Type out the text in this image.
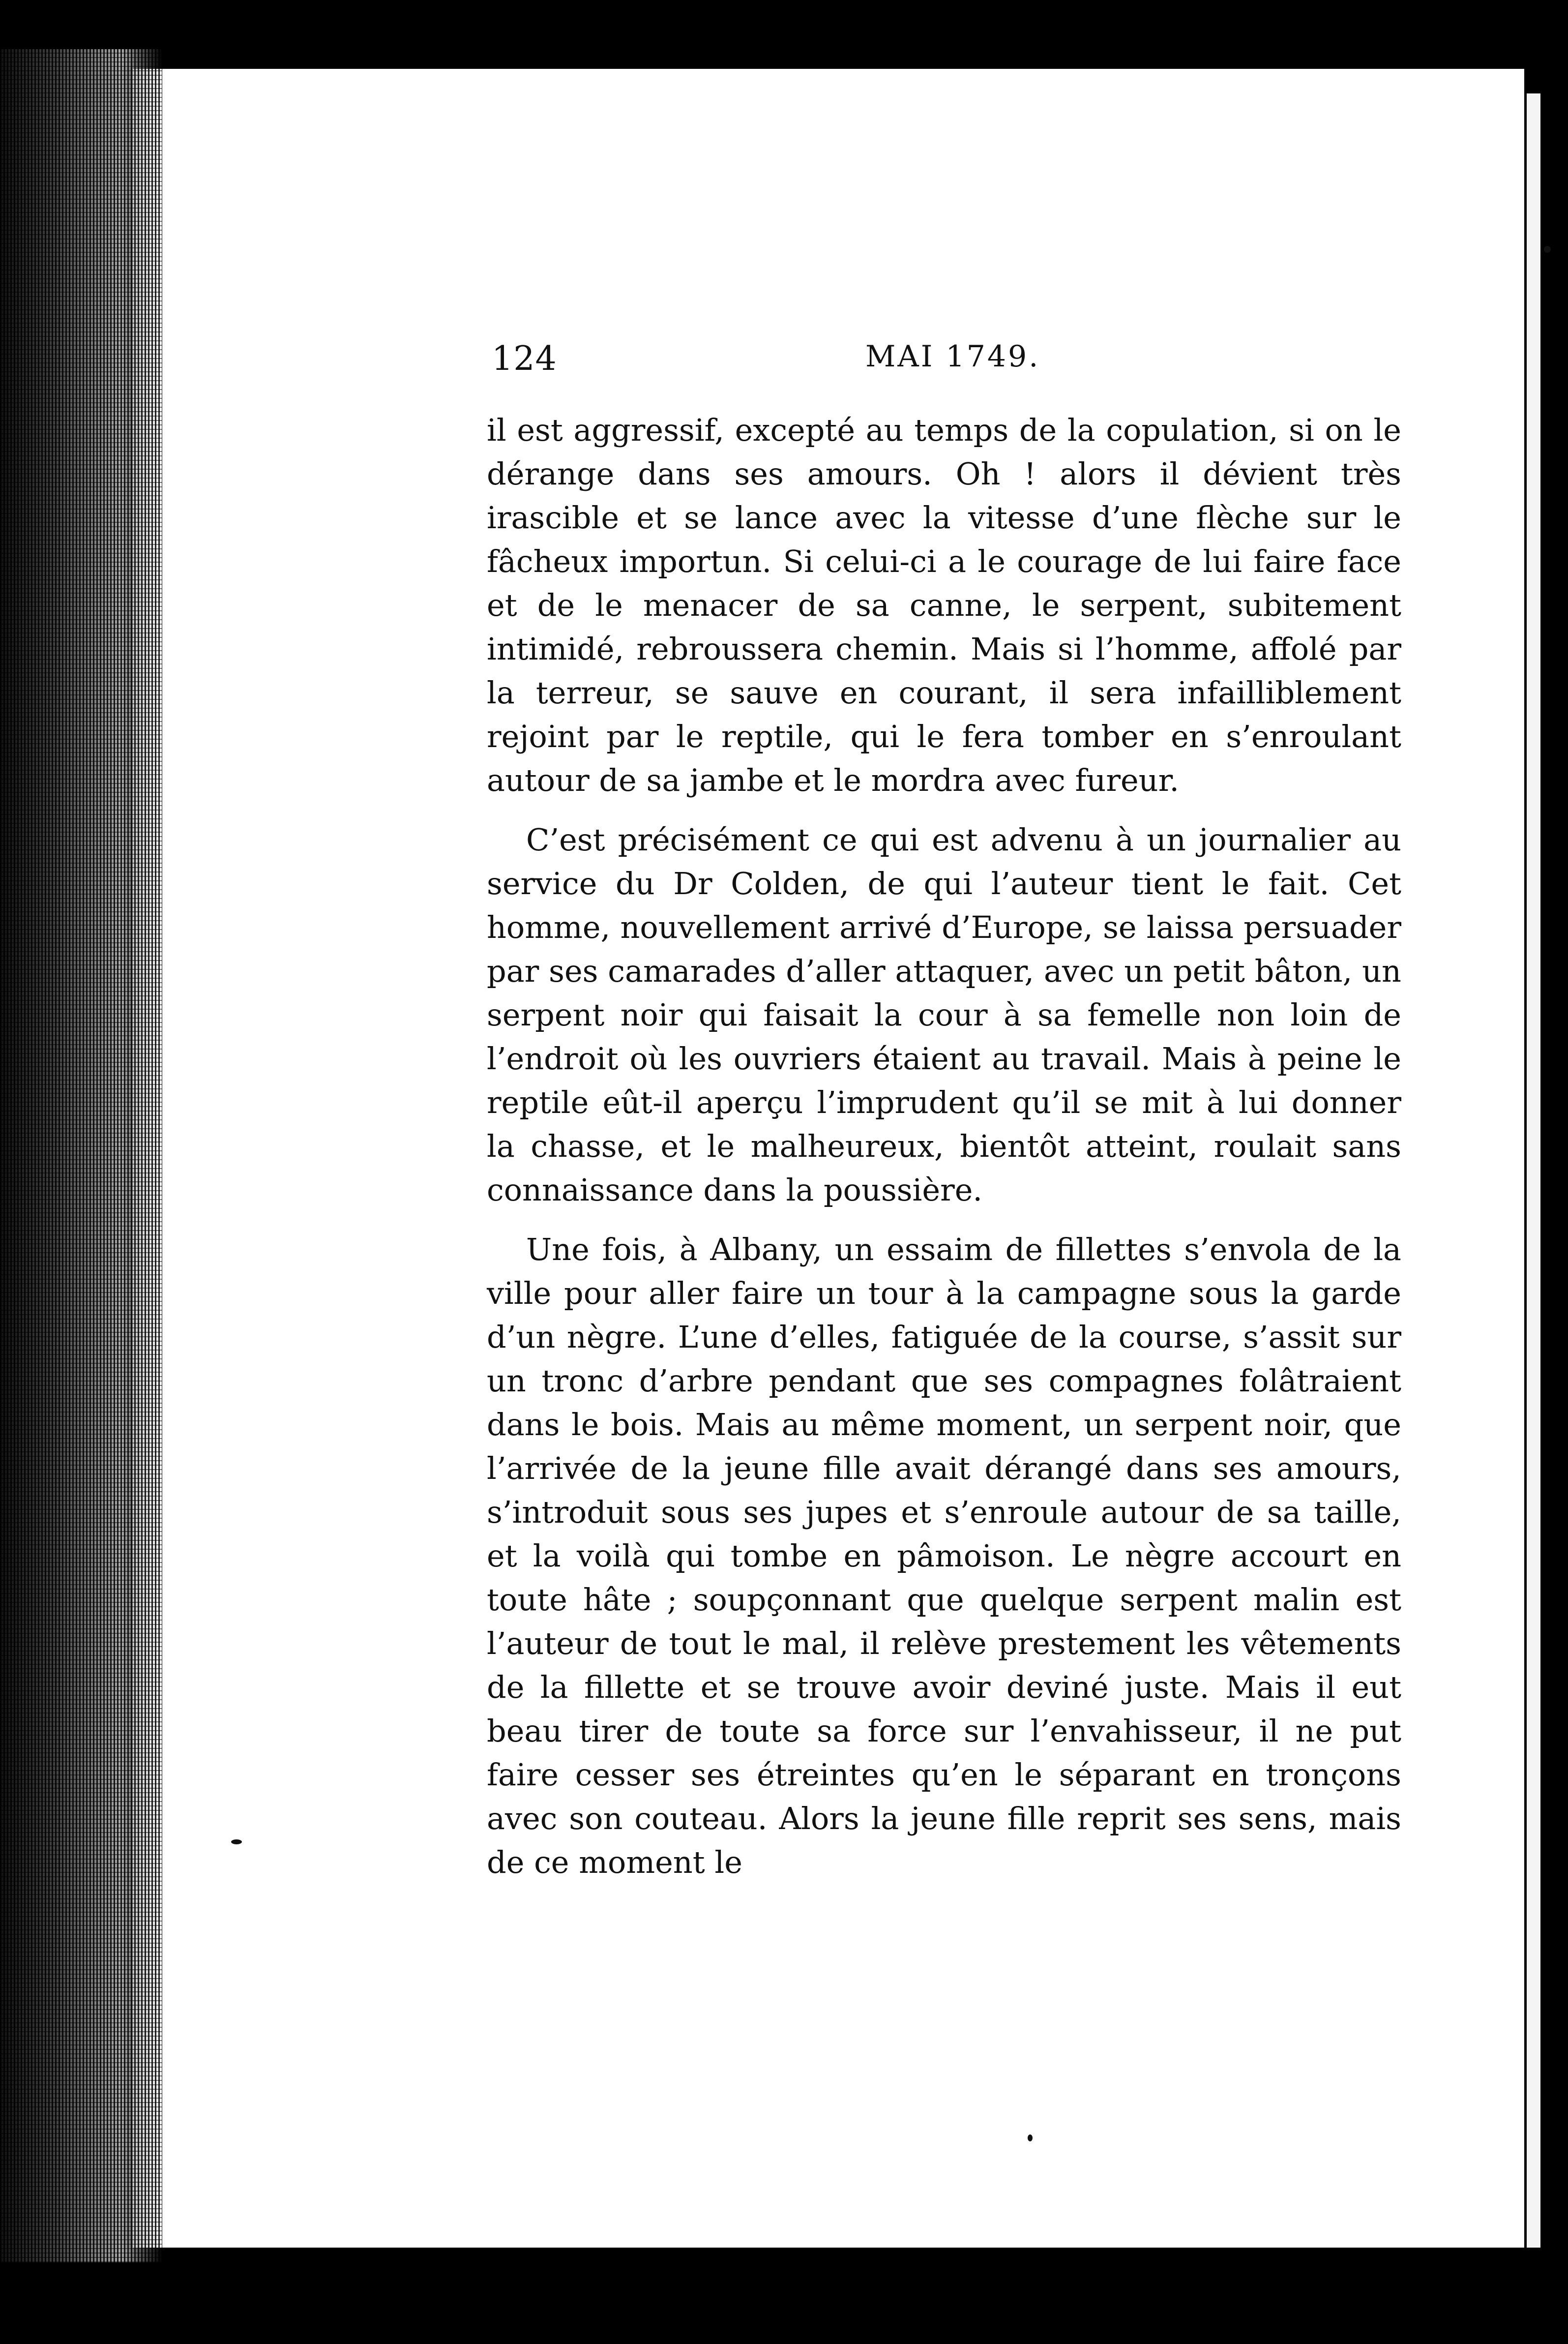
124	MAI 1749.

il est aggressif, excepté au temps de la copulation, si on le dérange dans ses amours. Oh ! alors il dévient très irascible et se lance avec la vitesse d’une flèche sur le fâcheux importun. Si celui-ci a le courage de lui faire face et de le menacer de sa canne, le serpent, subitement intimidé, rebroussera chemin. Mais si l’homme, affolé par la terreur, se sauve en courant, il sera infailliblement rejoint par le reptile, qui le fera tomber en s’enroulant autour de sa jambe et le mordra avec fureur.

C’est précisément ce qui est advenu à un journalier au service du Dr Colden, de qui l’auteur tient le fait. Cet homme, nouvellement arrivé d’Europe, se laissa persuader par ses camarades d’aller attaquer, avec un petit bâton, un serpent noir qui faisait la cour à sa femelle non loin de l’endroit où les ouvriers étaient au travail. Mais à peine le reptile eût-il aperçu l’imprudent qu’il se mit à lui donner la chasse, et le malheureux, bientôt atteint, roulait sans connaissance dans la poussière.

Une fois, à Albany, un essaim de fillettes s’envola de la ville pour aller faire un tour à la campagne sous la garde d’un nègre. L’une d’elles, fatiguée de la course, s’assit sur un tronc d’arbre pendant que ses compagnes folâtraient dans le bois. Mais au même moment, un serpent noir, que l’arrivée de la jeune fille avait dérangé dans ses amours, s’introduit sous ses jupes et s’enroule autour de sa taille, et la voilà qui tombe en pâmoison. Le nègre accourt en toute hâte ; soupçonnant que quelque serpent malin est l’auteur de tout le mal, il relève prestement les vêtements de la fillette et se trouve avoir deviné juste. Mais il eut beau tirer de toute sa force sur l’envahisseur, il ne put faire cesser ses étreintes qu’en le séparant en tronçons avec son couteau. Alors la jeune fille reprit ses sens, mais de ce moment le
